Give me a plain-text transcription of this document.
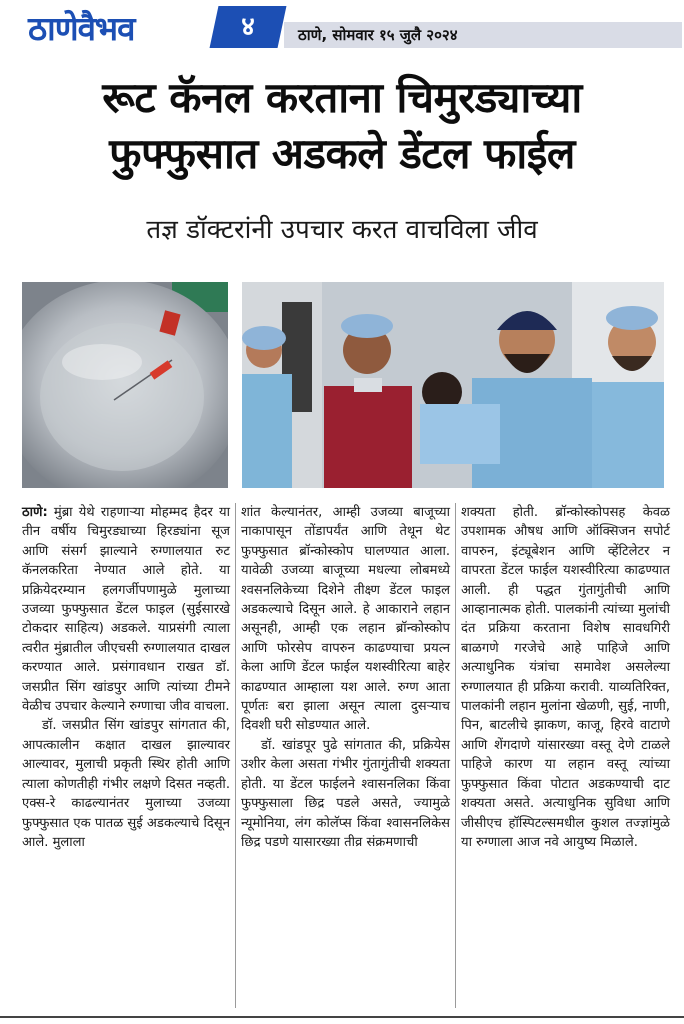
ठाणेवैभव	४	ठाणे, सोमवार १५ जुलै २०२४
रूट कॅनल करताना चिमुरड्याच्या
फुफ्फुसात अडकले डेंटल फाईल
तज्ञ डॉक्टरांनी उपचार करत वाचविला जीव

ठाणे: मुंब्रा येथे राहणाऱ्या मोहम्मद हैदर या तीन वर्षीय चिमुरड्याच्या हिरड्यांना सूज आणि संसर्ग झाल्याने रुग्णालयात रुट कॅनलकरिता नेण्यात आले होते. या प्रक्रियेदरम्यान हलगर्जीपणामुळे मुलाच्या उजव्या फुफ्फुसात डेंटल फाइल (सुईसारखे टोकदार साहित्य) अडकले. याप्रसंगी त्याला त्वरीत मुंब्रातील जीएचसी रुग्णालयात दाखल करण्यात आले. प्रसंगावधान राखत डॉ. जसप्रीत सिंग खांडपुर आणि त्यांच्या टीमने वेळीच उपचार केल्याने रुग्णाचा जीव वाचला.

डॉ. जसप्रीत सिंग खांडपुर सांगतात की, आपत्कालीन कक्षात दाखल झाल्यावर आल्यावर, मुलाची प्रकृती स्थिर होती आणि त्याला कोणतीही गंभीर लक्षणे दिसत नव्हती. एक्स-रे काढल्यानंतर मुलाच्या उजव्या फुफ्फुसात एक पातळ सुई अडकल्याचे दिसून आले. मुलाला

शांत केल्यानंतर, आम्ही उजव्या बाजूच्या नाकापासून तोंडापर्यंत आणि तेथून थेट फुफ्फुसात ब्रॉन्कोस्कोप घालण्यात आला. यावेळी उजव्या बाजूच्या मधल्या लोबमध्ये श्वसनलिकेच्या दिशेने तीक्ष्ण डेंटल फाइल अडकल्याचे दिसून आले. हे आकाराने लहान असूनही, आम्ही एक लहान ब्रॉन्कोस्कोप आणि फोरसेप वापरुन काढण्याचा प्रयत्न केला आणि डेंटल फाईल यशस्वीरित्या बाहेर काढण्यात आम्हाला यश आले. रुग्ण आता पूर्णतः बरा झाला असून त्याला दुसऱ्याच दिवशी घरी सोडण्यात आले.

डॉ. खांडपूर पुढे सांगतात की, प्रक्रियेस उशीर केला असता गंभीर गुंतागुंतीची शक्यता होती. या डेंटल फाईलने श्वासनलिका किंवा फुफ्फुसाला छिद्र पडले असते, ज्यामुळे न्यूमोनिया, लंग कोलॅप्स किंवा श्वासनलिकेस छिद्र पडणे यासारख्या तीव्र संक्रमणाची

शक्यता होती. ब्रॉन्कोस्कोपसह केवळ उपशामक औषध आणि ऑक्सिजन सपोर्ट वापरुन, इंट्यूबेशन आणि व्हेंटिलेटर न वापरता डेंटल फाईल यशस्वीरित्या काढण्यात आली. ही पद्धत गुंतागुंतीची आणि आव्हानात्मक होती. पालकांनी त्यांच्या मुलांची दंत प्रक्रिया करताना विशेष सावधगिरी बाळगणे गरजेचे आहे पाहिजे आणि अत्याधुनिक यंत्रांचा समावेश असलेल्या रुग्णालयात ही प्रक्रिया करावी. याव्यतिरिक्त, पालकांनी लहान मुलांना खेळणी, सुई, नाणी, पिन, बाटलीचे झाकण, काजू, हिरवे वाटाणे आणि शेंगदाणे यांसारख्या वस्तू देणे टाळले पाहिजे कारण या लहान वस्तू त्यांच्या फुफ्फुसात किंवा पोटात अडकण्याची दाट शक्यता असते. अत्याधुनिक सुविधा आणि जीसीएच हॉस्पिटल्समधील कुशल तज्ज्ञांमुळे या रुग्णाला आज नवे आयुष्य मिळाले.
